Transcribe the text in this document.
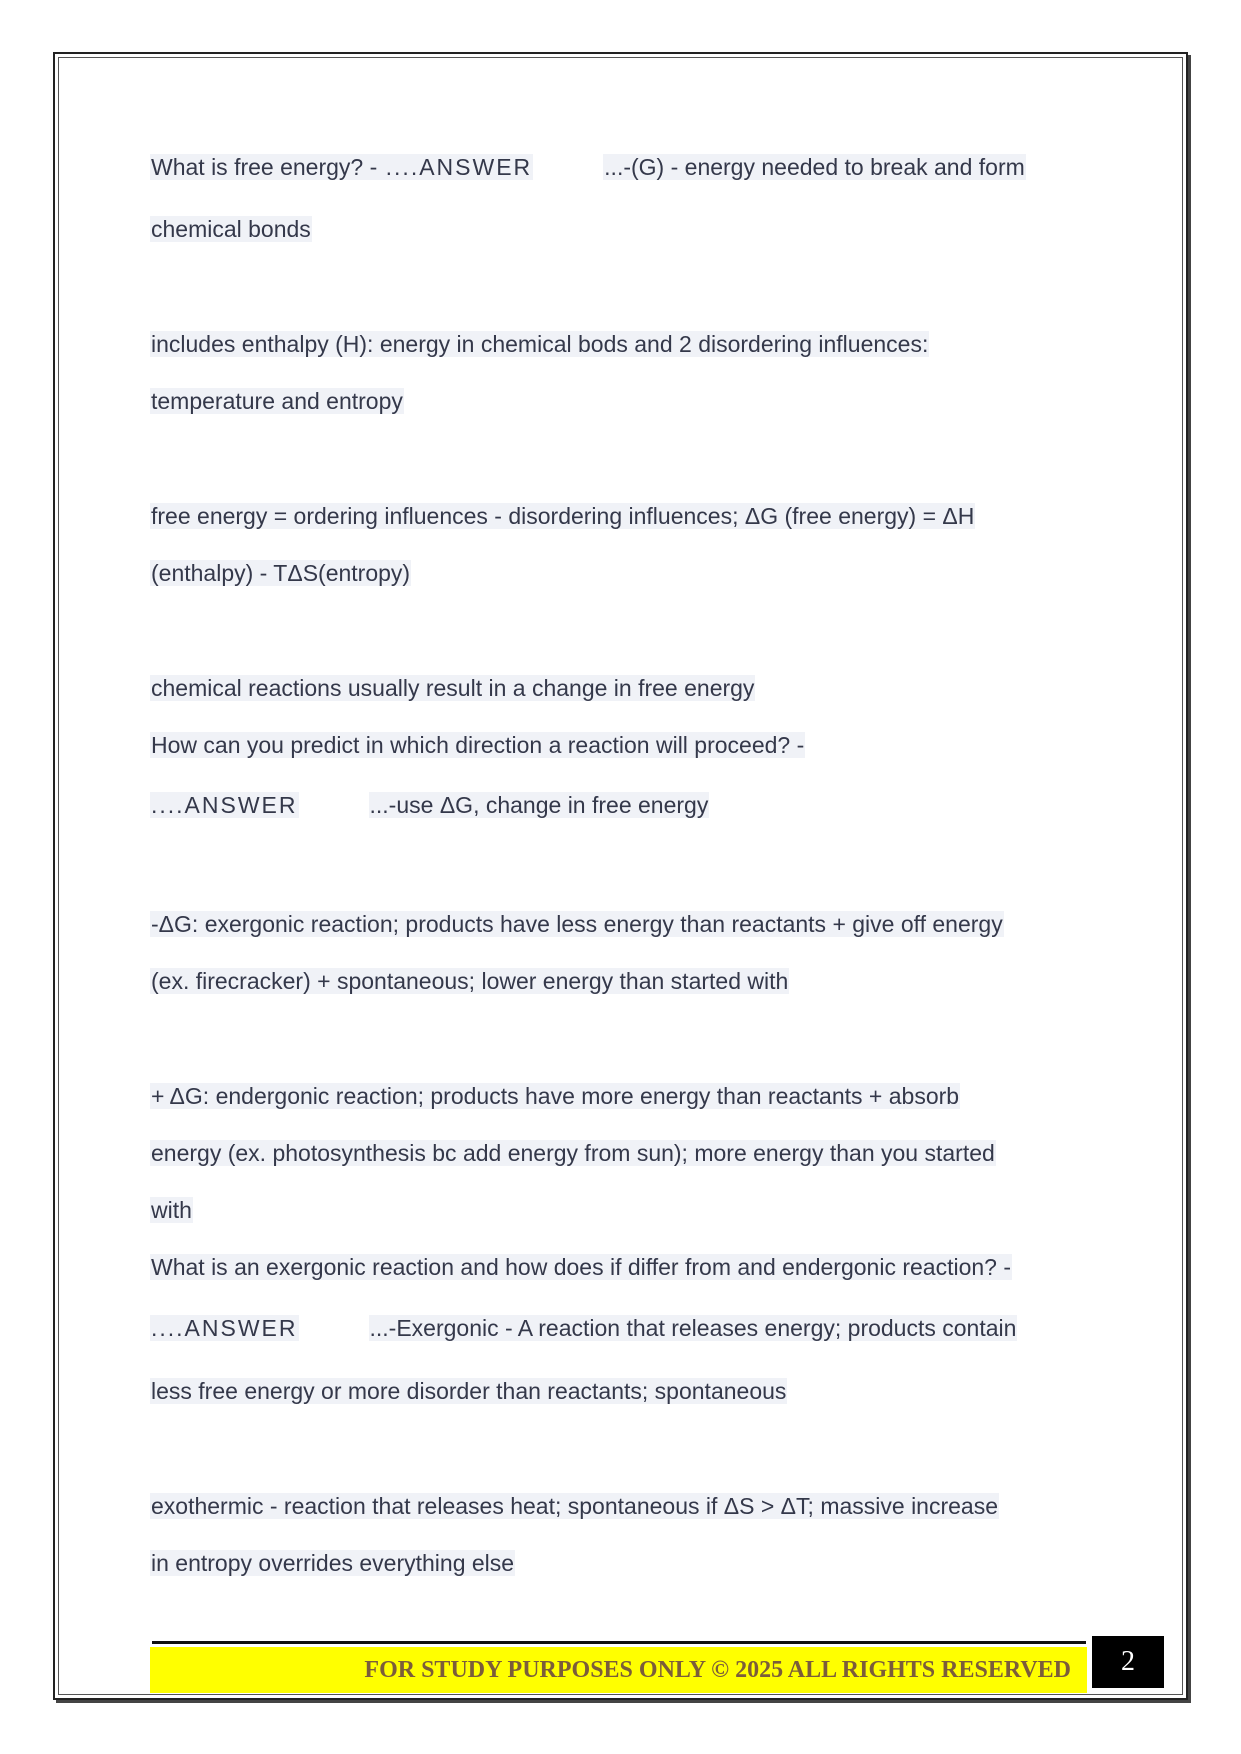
What is free energy? - ....ANSWER	...-(G) - energy needed to break and form

chemical bonds

includes enthalpy (H): energy in chemical bods and 2 disordering influences:

temperature and entropy

free energy = ordering influences - disordering influences; ΔG (free energy) = ΔH

(enthalpy) - TΔS(entropy)

chemical reactions usually result in a change in free energy

How can you predict in which direction a reaction will proceed? -

....ANSWER	...-use ΔG, change in free energy

-ΔG: exergonic reaction; products have less energy than reactants + give off energy

(ex. firecracker) + spontaneous; lower energy than started with

+ ΔG: endergonic reaction; products have more energy than reactants + absorb

energy (ex. photosynthesis bc add energy from sun); more energy than you started

with

What is an exergonic reaction and how does if differ from and endergonic reaction? -

....ANSWER	...-Exergonic - A reaction that releases energy; products contain

less free energy or more disorder than reactants; spontaneous

exothermic - reaction that releases heat; spontaneous if ΔS > ΔT; massive increase

in entropy overrides everything else

FOR STUDY PURPOSES ONLY © 2025 ALL RIGHTS RESERVED	2
